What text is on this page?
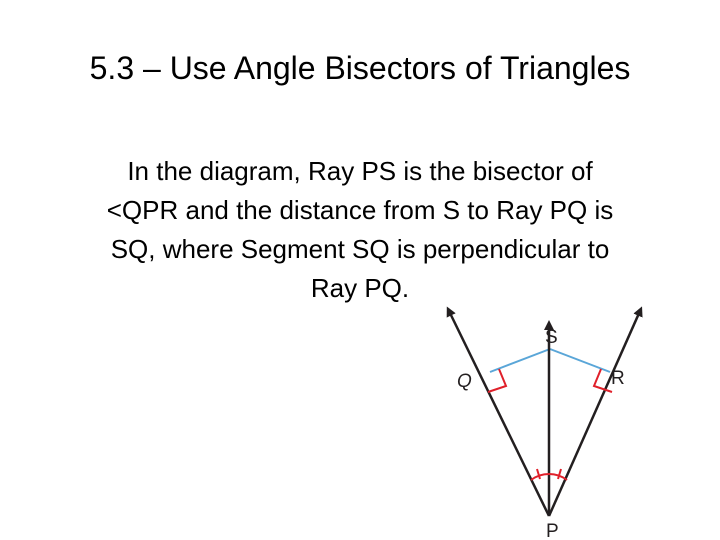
5.3 – Use Angle Bisectors of Triangles
In the diagram, Ray PS is the bisector of
<QPR and the distance from S to Ray PQ is
SQ, where Segment SQ is perpendicular to
Ray PQ.
S
Q	R
P
